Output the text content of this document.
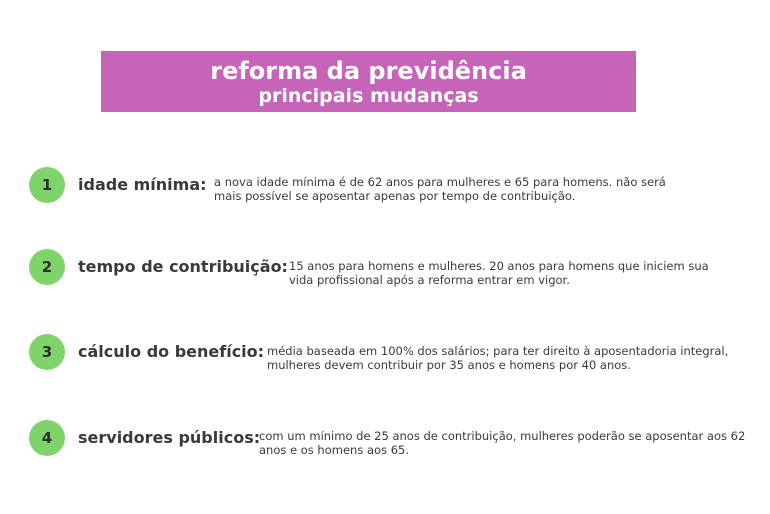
reforma da previdência
principais mudanças
1	idade mínima: a nova idade mínima é de 62 anos para mulheres e 65 para homens. não será mais possível se aposentar apenas por tempo de contribuição.
2	tempo de contribuição: 15 anos para homens e mulheres. 20 anos para homens que iniciem sua vida profissional após a reforma entrar em vigor.
3	cálculo do benefício: média baseada em 100% dos salários; para ter direito à aposentadoria integral, mulheres devem contribuir por 35 anos e homens por 40 anos.
4	servidores públicos:
com um mínimo de 25 anos de contribuição, mulheres poderão se aposentar aos 62 anos e os homens aos 65.
